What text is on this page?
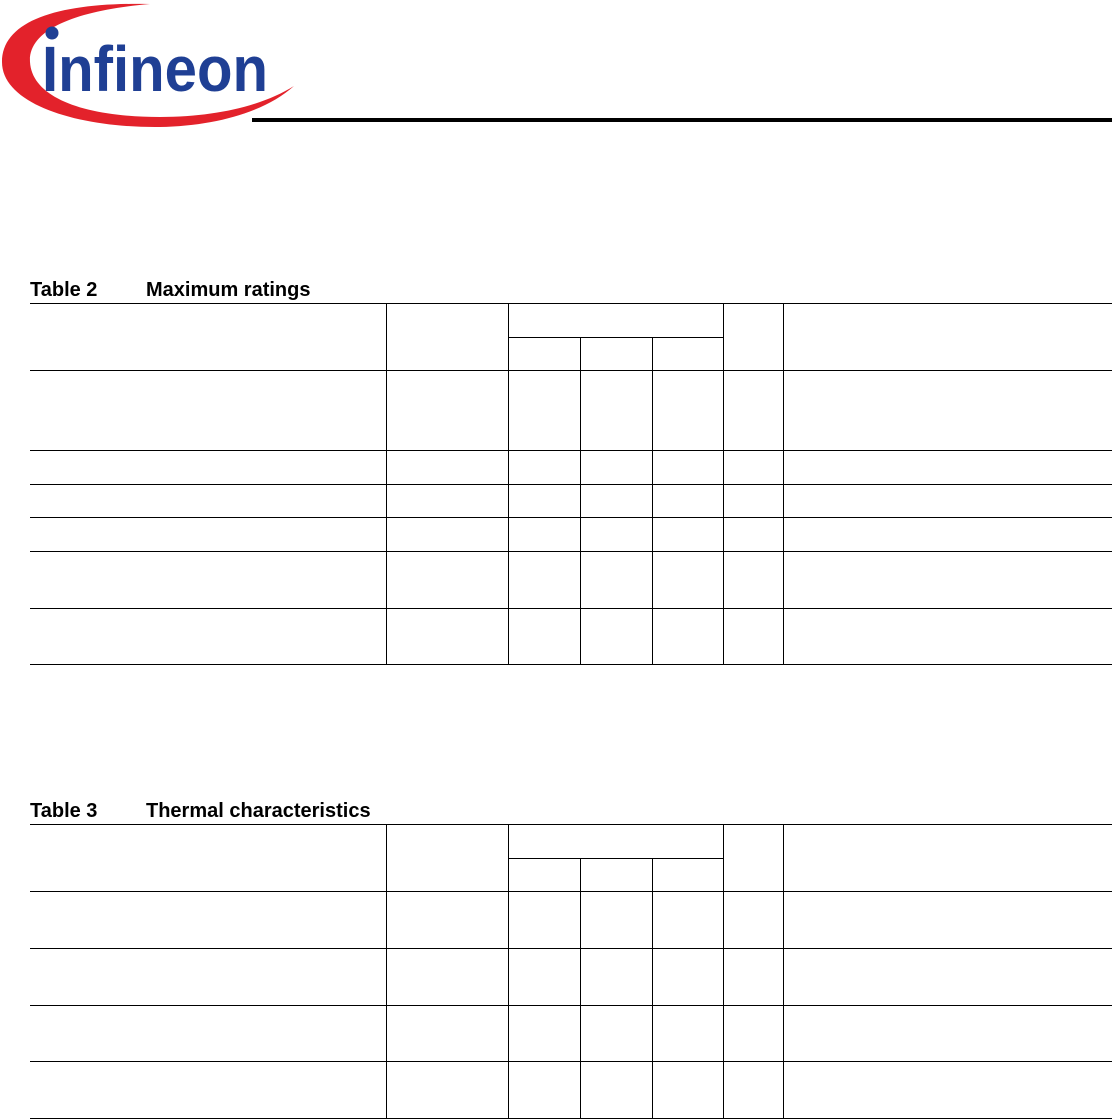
Infineon
Table 2 Maximum ratings
Table 3 Thermal characteristics
